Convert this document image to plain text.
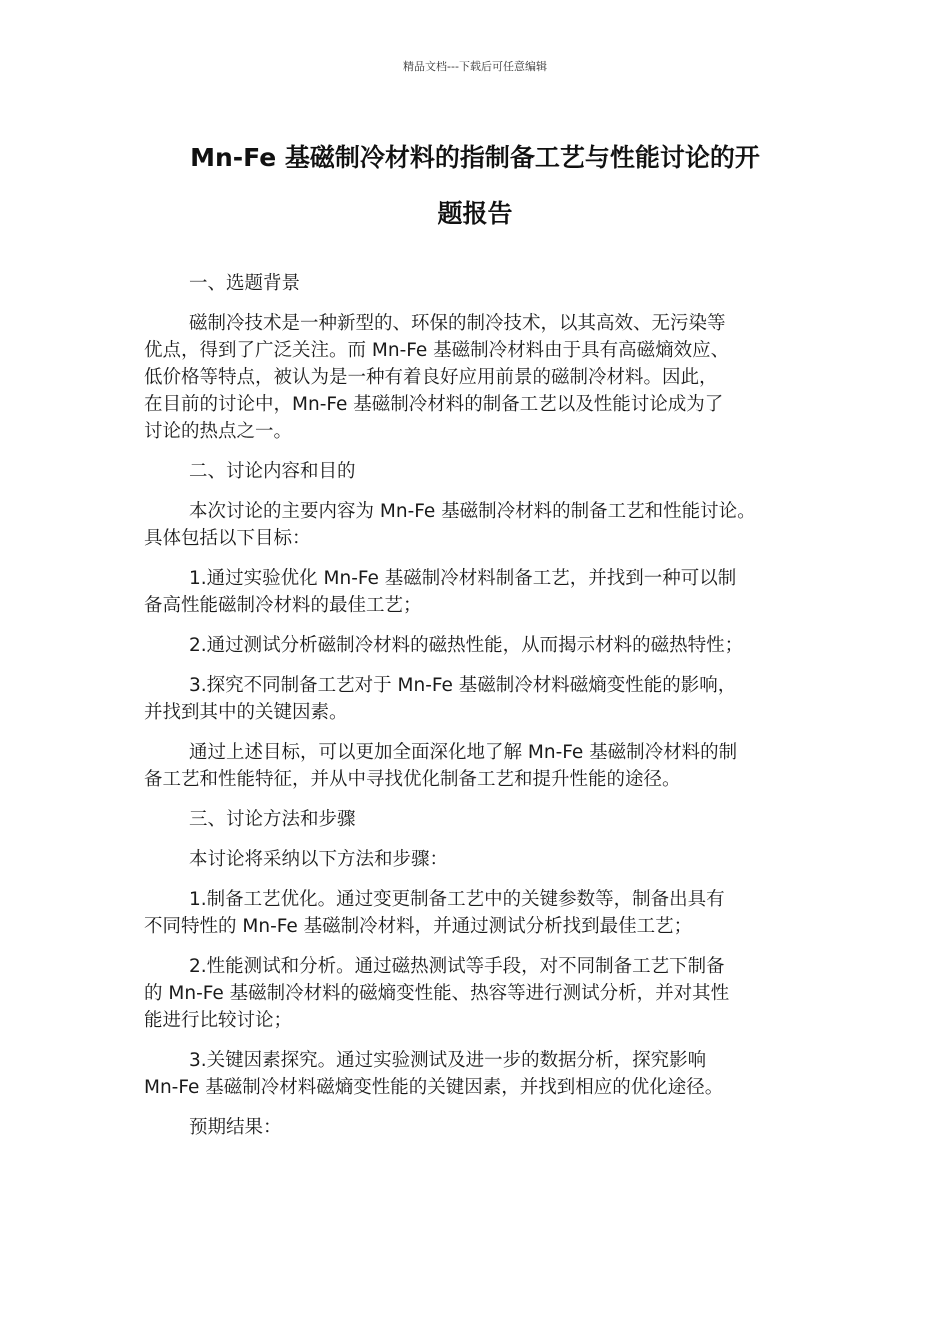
精品文档---下载后可任意编辑
Mn-Fe 基磁制冷材料的指制备工艺与性能讨论的开
题报告
一、选题背景
磁制冷技术是一种新型的、环保的制冷技术，以其高效、无污染等
优点，得到了广泛关注。而 Mn-Fe 基磁制冷材料由于具有高磁熵效应、
低价格等特点，被认为是一种有着良好应用前景的磁制冷材料。因此，
在目前的讨论中，Mn-Fe 基磁制冷材料的制备工艺以及性能讨论成为了
讨论的热点之一。
二、讨论内容和目的
本次讨论的主要内容为 Mn-Fe 基磁制冷材料的制备工艺和性能讨论。
具体包括以下目标：
1.通过实验优化 Mn-Fe 基磁制冷材料制备工艺，并找到一种可以制
备高性能磁制冷材料的最佳工艺；
2.通过测试分析磁制冷材料的磁热性能，从而揭示材料的磁热特性；
3.探究不同制备工艺对于 Mn-Fe 基磁制冷材料磁熵变性能的影响，
并找到其中的关键因素。
通过上述目标，可以更加全面深化地了解 Mn-Fe 基磁制冷材料的制
备工艺和性能特征，并从中寻找优化制备工艺和提升性能的途径。
三、讨论方法和步骤
本讨论将采纳以下方法和步骤：
1.制备工艺优化。通过变更制备工艺中的关键参数等，制备出具有
不同特性的 Mn-Fe 基磁制冷材料，并通过测试分析找到最佳工艺；
2.性能测试和分析。通过磁热测试等手段，对不同制备工艺下制备
的 Mn-Fe 基磁制冷材料的磁熵变性能、热容等进行测试分析，并对其性
能进行比较讨论；
3.关键因素探究。通过实验测试及进一步的数据分析，探究影响
Mn-Fe 基磁制冷材料磁熵变性能的关键因素，并找到相应的优化途径。
预期结果：
